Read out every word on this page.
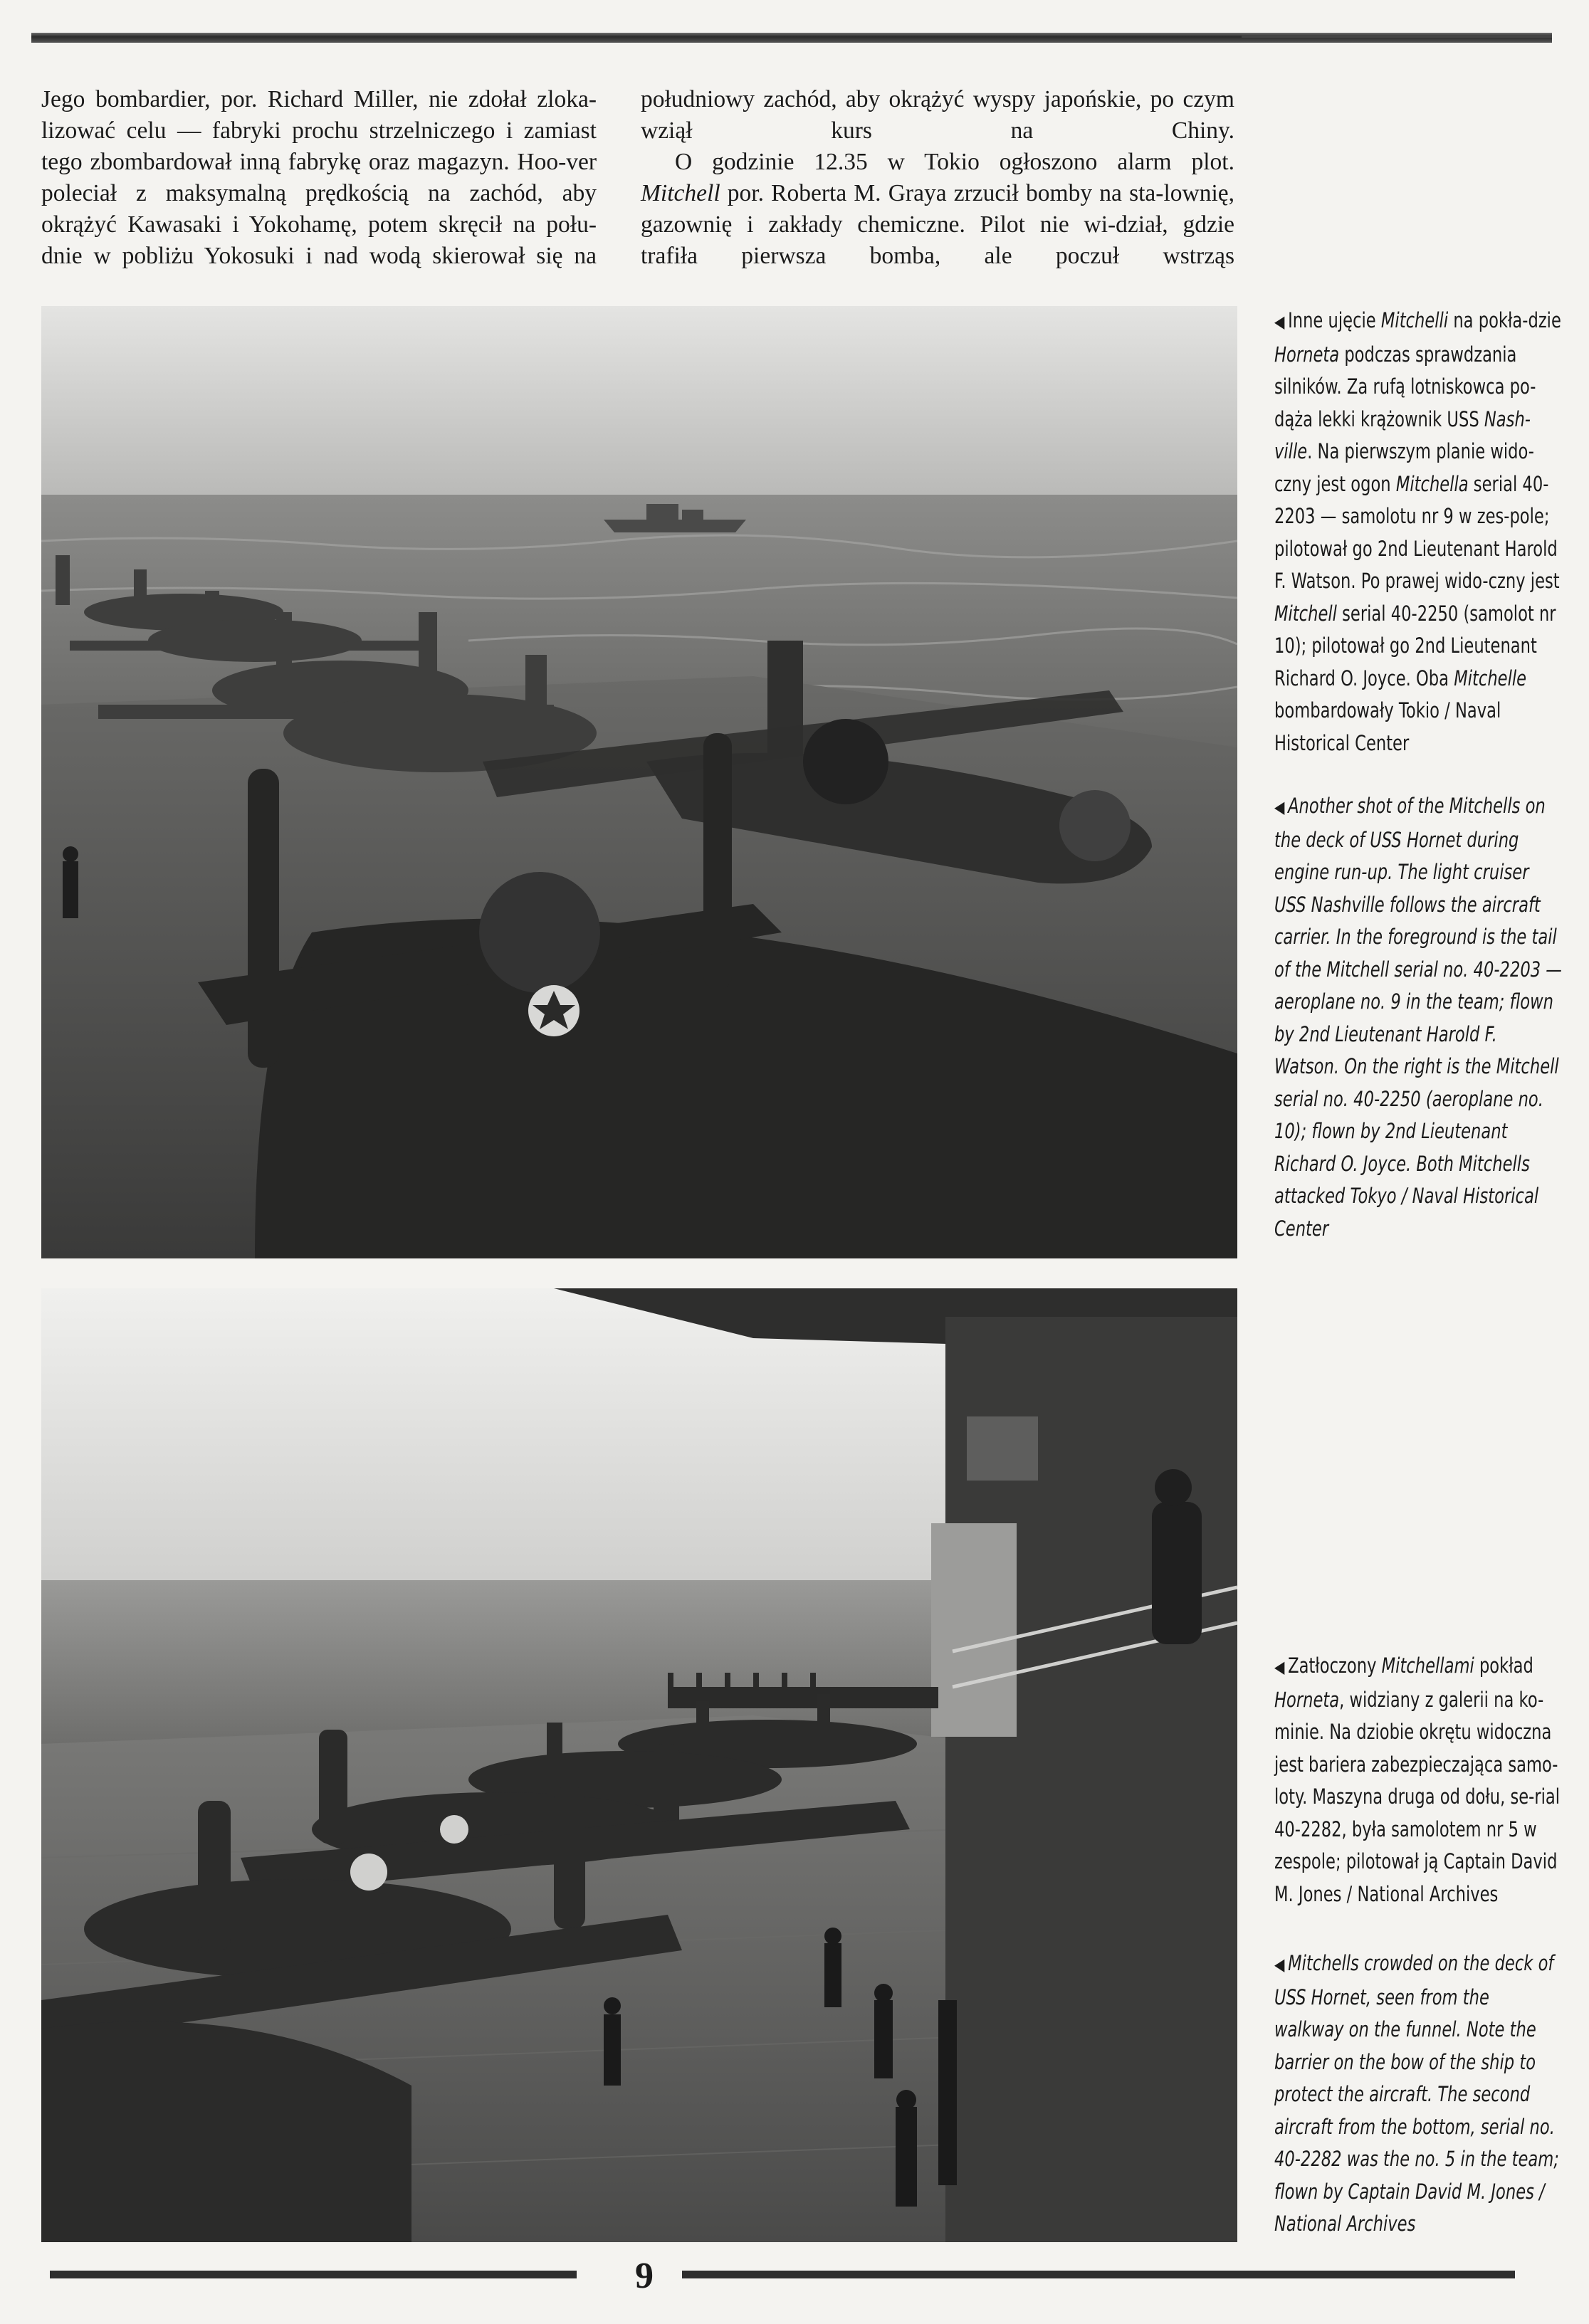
Jego bombardier, por. Richard Miller, nie zdołał zloka-lizować celu — fabryki prochu strzelniczego i zamiast tego zbombardował inną fabrykę oraz magazyn. Hoo-ver poleciał z maksymalną prędkością na zachód, aby okrążyć Kawasaki i Yokohamę, potem skręcił na połu-dnie w pobliżu Yokosuki i nad wodą skierował się na

południowy zachód, aby okrążyć wyspy japońskie, po czym wziął kurs na Chiny.

O godzinie 12.35 w Tokio ogłoszono alarm plot.
Mitchell por. Roberta M. Graya zrzucił bomby na sta-lownię, gazownię i zakłady chemiczne. Pilot nie wi-dział, gdzie trafiła pierwsza bomba, ale poczuł wstrząs

◀ Inne ujęcie Mitchelli na pokła-dzie Horneta podczas sprawdzania silników. Za rufą lotniskowca po-dąża lekki krążownik USS Nash-ville. Na pierwszym planie wido-czny jest ogon Mitchella serial 40-2203 — samolotu nr 9 w zes-pole; pilotował go 2nd Lieutenant Harold F. Watson. Po prawej wido-czny jest Mitchell serial 40-2250 (samolot nr 10); pilotował go 2nd Lieutenant Richard O. Joyce. Oba Mitchelle bombardowały Tokio / Naval Historical Center

◀ Another shot of the Mitchells on the deck of USS Hornet during engine run-up. The light cruiser USS Nashville follows the aircraft carrier. In the foreground is the tail of the Mitchell serial no. 40-2203 — aeroplane no. 9 in the team; flown by 2nd Lieutenant Harold F. Watson. On the right is the Mitchell serial no. 40-2250 (aeroplane no. 10); flown by 2nd Lieutenant Richard O. Joyce. Both Mitchells attacked Tokyo / Naval Historical Center

◀ Zatłoczony Mitchellami pokład Horneta, widziany z galerii na ko-minie. Na dziobie okrętu widoczna jest bariera zabezpieczająca samo-loty. Maszyna druga od dołu, se-rial 40-2282, była samolotem nr 5 w zespole; pilotował ją Captain David M. Jones / National Archives

◀ Mitchells crowded on the deck of USS Hornet, seen from the walkway on the funnel. Note the barrier on the bow of the ship to protect the aircraft. The second aircraft from the bottom, serial no. 40-2282 was the no. 5 in the team; flown by Captain David M. Jones / National Archives

9
